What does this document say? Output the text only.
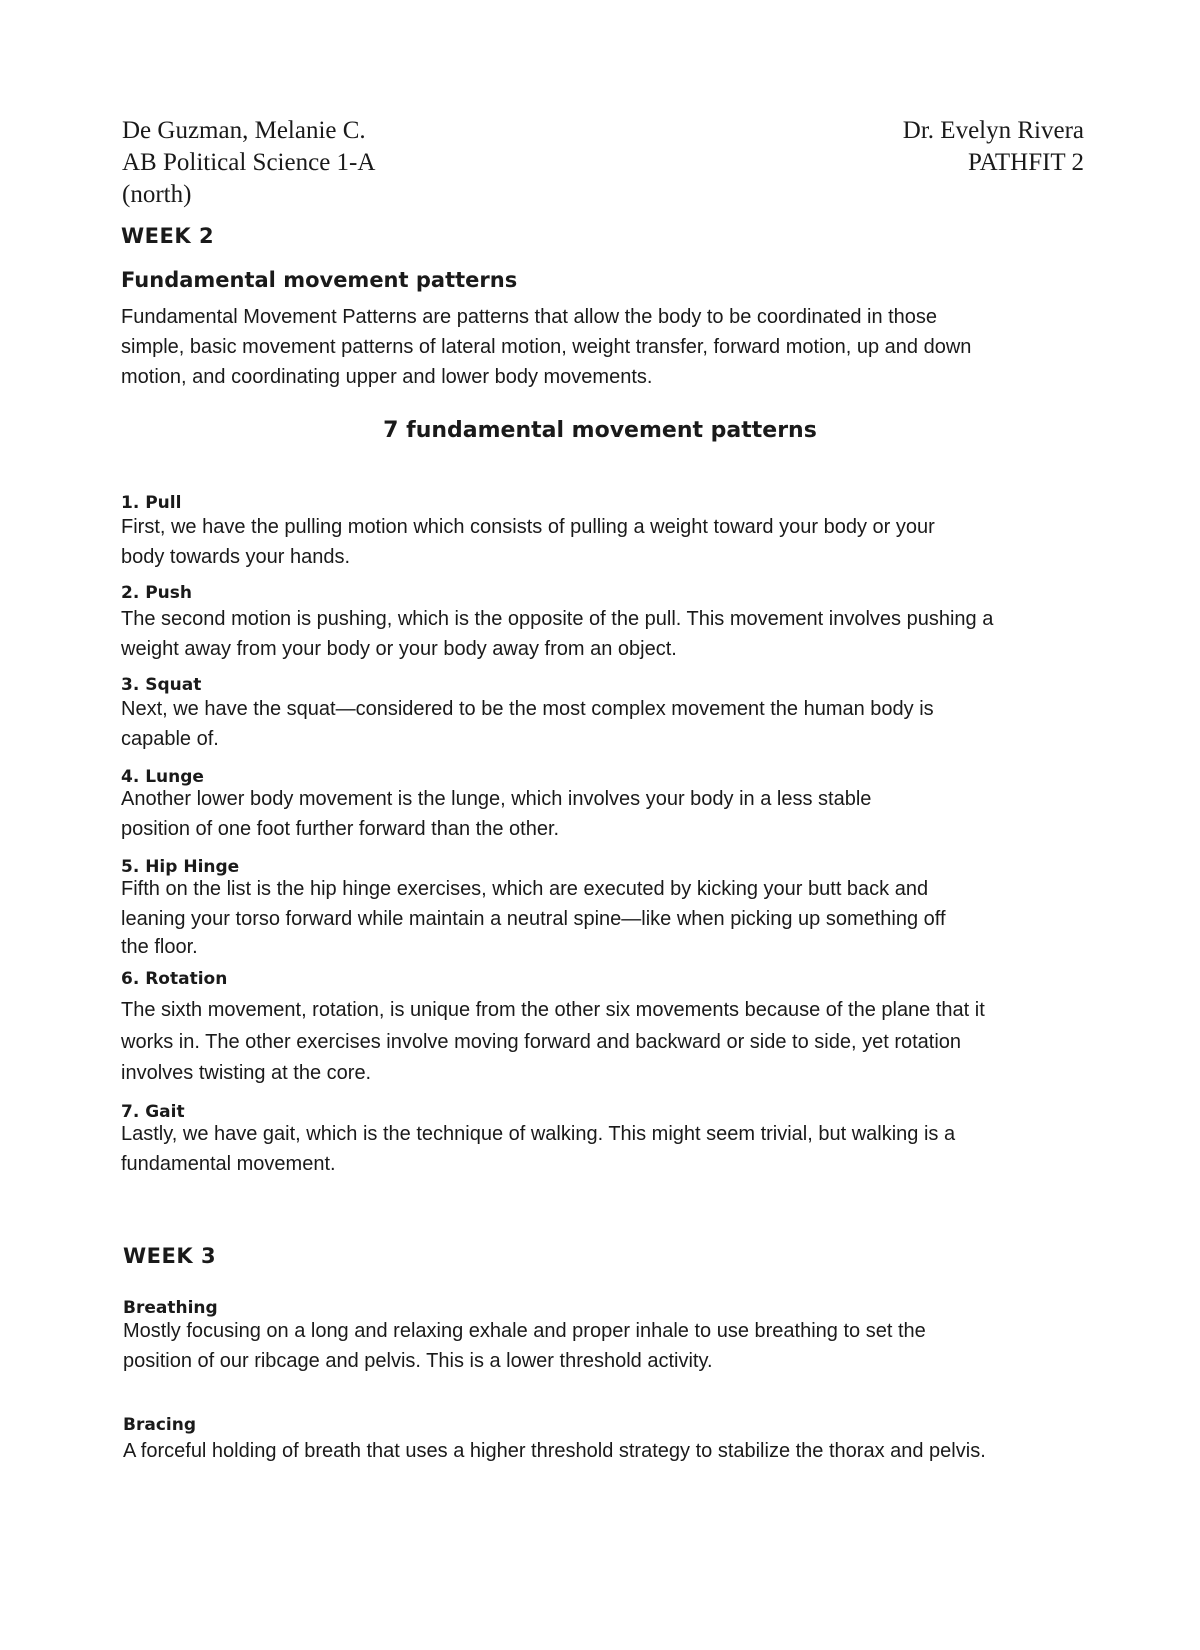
De Guzman, Melanie C.
AB Political Science 1-A
(north)
Dr. Evelyn Rivera
PATHFIT 2
WEEK 2
Fundamental movement patterns
Fundamental Movement Patterns are patterns that allow the body to be coordinated in those
simple, basic movement patterns of lateral motion, weight transfer, forward motion, up and down
motion, and coordinating upper and lower body movements.
7 fundamental movement patterns
1. Pull
First, we have the pulling motion which consists of pulling a weight toward your body or your
body towards your hands.
2. Push
The second motion is pushing, which is the opposite of the pull. This movement involves pushing a
weight away from your body or your body away from an object.
3. Squat
Next, we have the squat—considered to be the most complex movement the human body is
capable of.
4. Lunge
Another lower body movement is the lunge, which involves your body in a less stable
position of one foot further forward than the other.
5. Hip Hinge
Fifth on the list is the hip hinge exercises, which are executed by kicking your butt back and
leaning your torso forward while maintain a neutral spine—like when picking up something off
the floor.
6. Rotation
The sixth movement, rotation, is unique from the other six movements because of the plane that it
works in. The other exercises involve moving forward and backward or side to side, yet rotation
involves twisting at the core.
7. Gait
Lastly, we have gait, which is the technique of walking. This might seem trivial, but walking is a
fundamental movement.
WEEK 3
Breathing
Mostly focusing on a long and relaxing exhale and proper inhale to use breathing to set the
position of our ribcage and pelvis. This is a lower threshold activity.
Bracing
A forceful holding of breath that uses a higher threshold strategy to stabilize the thorax and pelvis.
